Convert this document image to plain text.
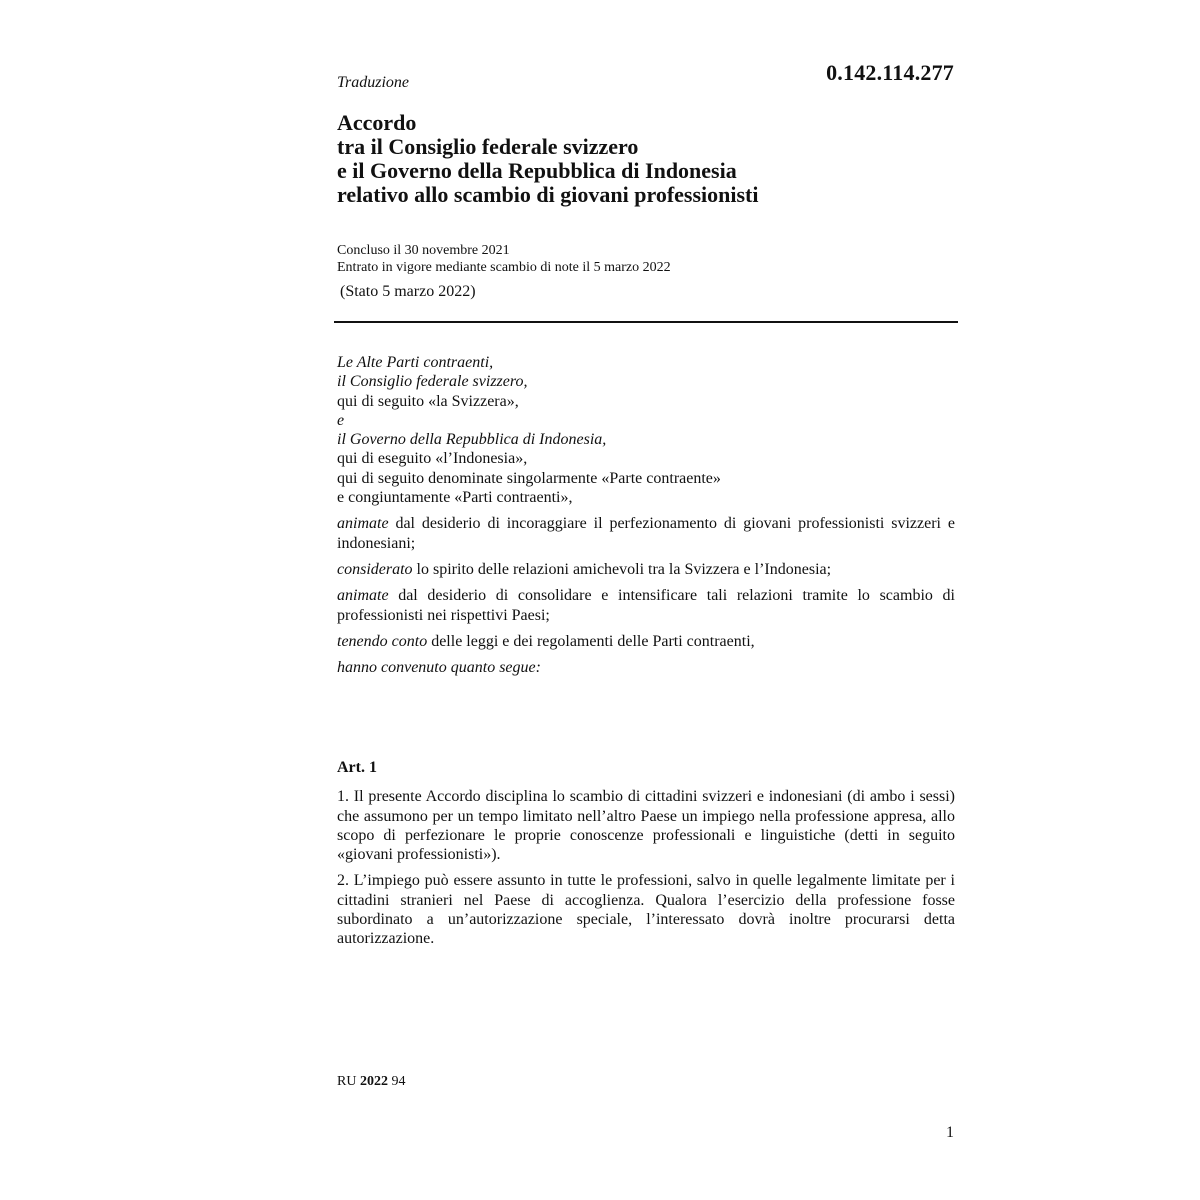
0.142.114.277
Traduzione
Accordo
tra il Consiglio federale svizzero
e il Governo della Repubblica di Indonesia
relativo allo scambio di giovani professionisti
Concluso il 30 novembre 2021
Entrato in vigore mediante scambio di note il 5 marzo 2022
(Stato 5 marzo 2022)
Le Alte Parti contraenti,
il Consiglio federale svizzero,
qui di seguito «la Svizzera»,
e
il Governo della Repubblica di Indonesia,
qui di eseguito «l’Indonesia»,
qui di seguito denominate singolarmente «Parte contraente»
e congiuntamente «Parti contraenti»,
animate dal desiderio di incoraggiare il perfezionamento di giovani professionisti svizzeri e indonesiani;
considerato lo spirito delle relazioni amichevoli tra la Svizzera e l’Indonesia;
animate dal desiderio di consolidare e intensificare tali relazioni tramite lo scambio di professionisti nei rispettivi Paesi;
tenendo conto delle leggi e dei regolamenti delle Parti contraenti,
hanno convenuto quanto segue:
Art. 1

1. Il presente Accordo disciplina lo scambio di cittadini svizzeri e indonesiani (di ambo i sessi) che assumono per un tempo limitato nell’altro Paese un impiego nella professione appresa, allo scopo di perfezionare le proprie conoscenze professionali e linguistiche (detti in seguito «giovani professionisti»).

2. L’impiego può essere assunto in tutte le professioni, salvo in quelle legalmente limitate per i cittadini stranieri nel Paese di accoglienza. Qualora l’esercizio della professione fosse subordinato a un’autorizzazione speciale, l’interessato dovrà inoltre procurarsi detta autorizzazione.

RU 2022 94
1
